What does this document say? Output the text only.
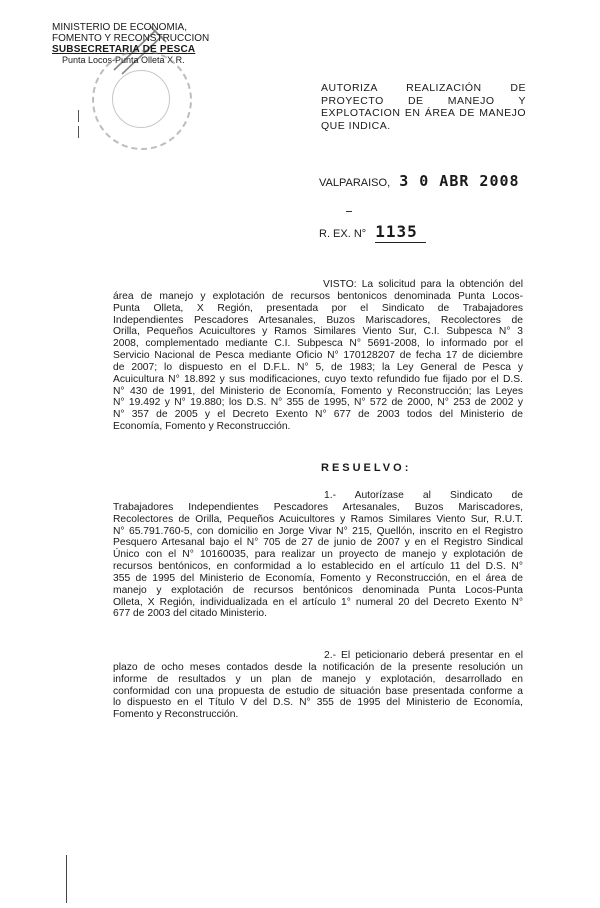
MINISTERIO DE ECONOMIA,
FOMENTO Y RECONSTRUCCION
SUBSECRETARIA DE PESCA
Punta Locos-Punta Olleta X R.
AUTORIZA REALIZACIÓN DE PROYECTO DE MANEJO Y EXPLOTACION EN ÁREA DE MANEJO QUE INDICA.
VALPARAISO, 3 0 ABR 2008
R. EX. N° 1135
VISTO: La solicitud para la obtención del
área de manejo y explotación de recursos bentonicos denominada Punta Locos-
Punta Olleta, X Región, presentada por el Sindicato de Trabajadores
Independientes Pescadores Artesanales, Buzos Mariscadores, Recolectores de
Orilla, Pequeños Acuicultores y Ramos Similares Viento Sur, C.I. Subpesca N° 3
2008, complementado mediante C.I. Subpesca N° 5691-2008, lo informado por el
Servicio Nacional de Pesca mediante Oficio N° 170128207 de fecha 17 de diciembre
de 2007; lo dispuesto en el D.F.L. N° 5, de 1983; la Ley General de Pesca y
Acuicultura N° 18.892 y sus modificaciones, cuyo texto refundido fue fijado por el D.S.
N° 430 de 1991, del Ministerio de Economía, Fomento y Reconstrucción; las Leyes
N° 19.492 y N° 19.880; los D.S. N° 355 de 1995, N° 572 de 2000, N° 253 de 2002 y
N° 357 de 2005 y el Decreto Exento N° 677 de 2003 todos del Ministerio de
Economía, Fomento y Reconstrucción.
RESUELVO:
1.- Autorízase al Sindicato de
Trabajadores Independientes Pescadores Artesanales, Buzos Mariscadores,
Recolectores de Orilla, Pequeños Acuicultores y Ramos Similares Viento Sur, R.U.T.
N° 65.791.760-5, con domicilio en Jorge Vivar N° 215, Quellón, inscrito en el Registro
Pesquero Artesanal bajo el N° 705 de 27 de junio de 2007 y en el Registro Sindical
Único con el N° 10160035, para realizar un proyecto de manejo y explotación de
recursos bentónicos, en conformidad a lo establecido en el artículo 11 del D.S. N°
355 de 1995 del Ministerio de Economía, Fomento y Reconstrucción, en el área de
manejo y explotación de recursos bentónicos denominada Punta Locos-Punta
Olleta, X Región, individualizada en el artículo 1° numeral 20 del Decreto Exento N°
677 de 2003 del citado Ministerio.
2.- El peticionario deberá presentar en el
plazo de ocho meses contados desde la notificación de la presente resolución un
informe de resultados y un plan de manejo y explotación, desarrollado en
conformidad con una propuesta de estudio de situación base presentada conforme a
lo dispuesto en el Título V del D.S. N° 355 de 1995 del Ministerio de Economía,
Fomento y Reconstrucción.
